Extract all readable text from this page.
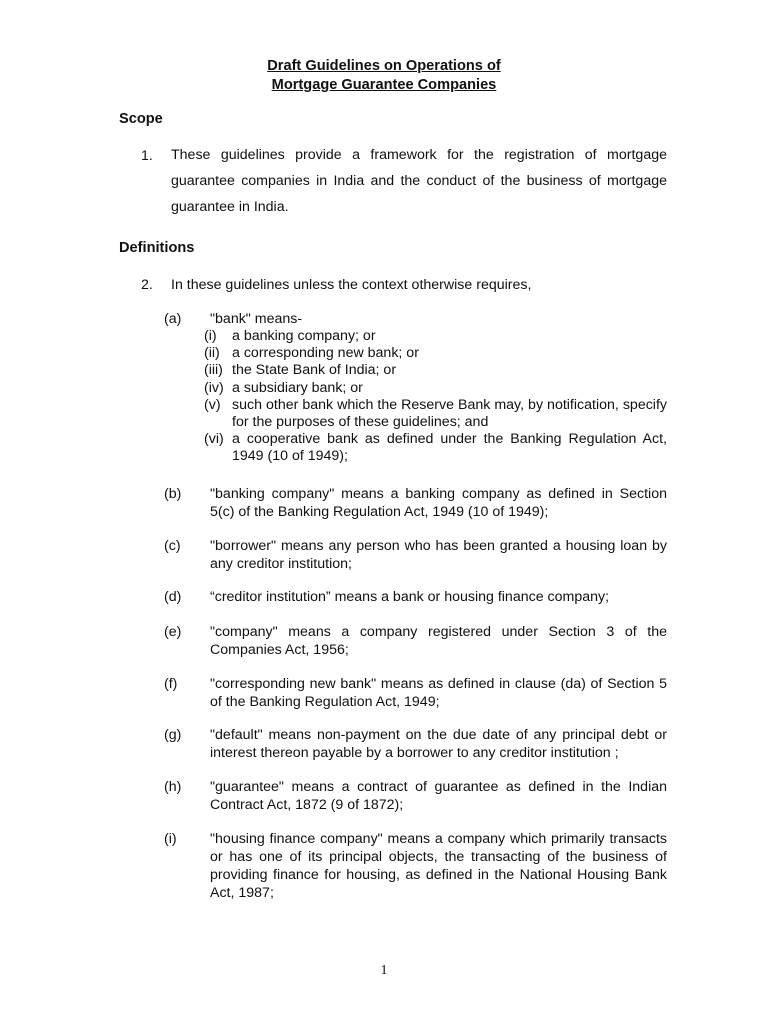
Draft Guidelines on Operations of
Mortgage Guarantee Companies
Scope
1. These guidelines provide a framework for the registration of mortgage guarantee companies in India and the conduct of the business of mortgage guarantee in India.
Definitions
2. In these guidelines unless the context otherwise requires,
(a) "bank" means-
(i) a banking company; or
(ii) a corresponding new bank; or
(iii) the State Bank of India; or
(iv) a subsidiary bank; or
(v) such other bank which the Reserve Bank may, by notification, specify for the purposes of these guidelines; and
(vi) a cooperative bank as defined under the Banking Regulation Act, 1949 (10 of 1949);
(b) "banking company" means a banking company as defined in Section 5(c) of the Banking Regulation Act, 1949 (10 of 1949);
(c) "borrower" means any person who has been granted a housing loan by any creditor institution;
(d) “creditor institution” means a bank or housing finance company;
(e) "company" means a company registered under Section 3 of the Companies Act, 1956;
(f) "corresponding new bank" means as defined in clause (da) of Section 5 of the Banking Regulation Act, 1949;
(g) "default" means non-payment on the due date of any principal debt or interest thereon payable by a borrower to any creditor institution ;
(h) "guarantee" means a contract of guarantee as defined in the Indian Contract Act, 1872 (9 of 1872);
(i) "housing finance company" means a company which primarily transacts or has one of its principal objects, the transacting of the business of providing finance for housing, as defined in the National Housing Bank Act, 1987;
1
